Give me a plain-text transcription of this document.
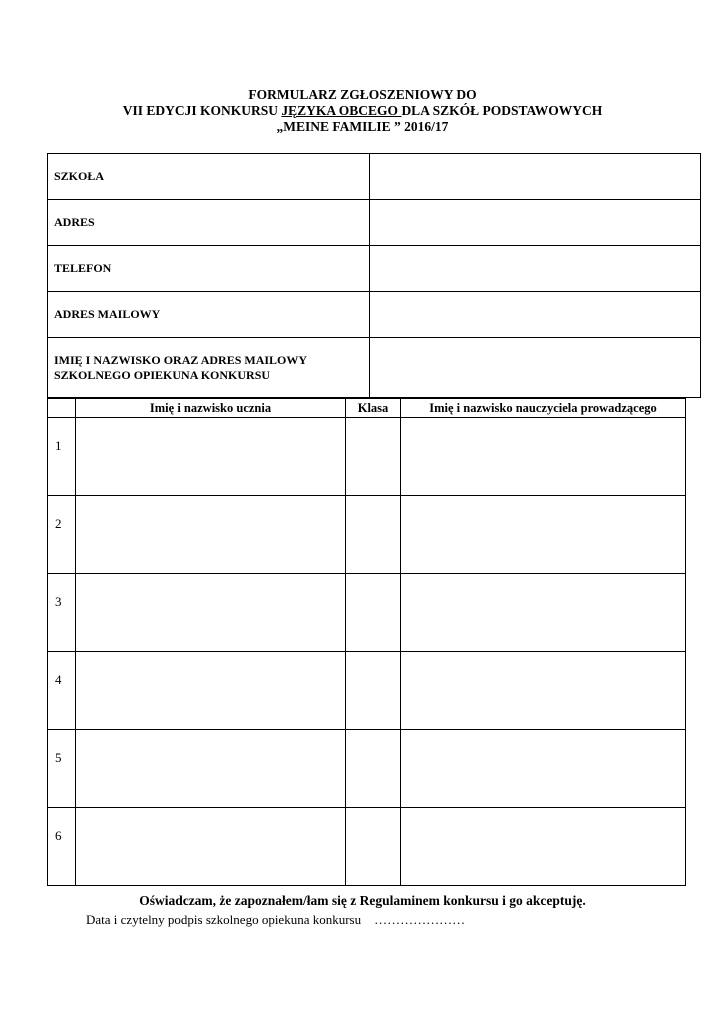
FORMULARZ ZGŁOSZENIOWY DO
VII EDYCJI KONKURSU JĘZYKA OBCEGO DLA SZKÓŁ PODSTAWOWYCH
„MEINE FAMILIE ” 2016/17
SZKOŁA	
ADRES	
TELEFON	
ADRES MAILOWY	

IMIĘ I NAZWISKO ORAZ ADRES MAILOWY
SZKOLNEGO OPIEKUNA KONKURSU	

	Imię i nazwisko ucznia	Klasa	Imię i nazwisko nauczyciela prowadzącego
1			
2			
3			
4			
5			
6			
Oświadczam, że zapoznałem/łam się z Regulaminem konkursu i go akceptuję.
Data i czytelny podpis szkolnego opiekuna konkursu …………………
